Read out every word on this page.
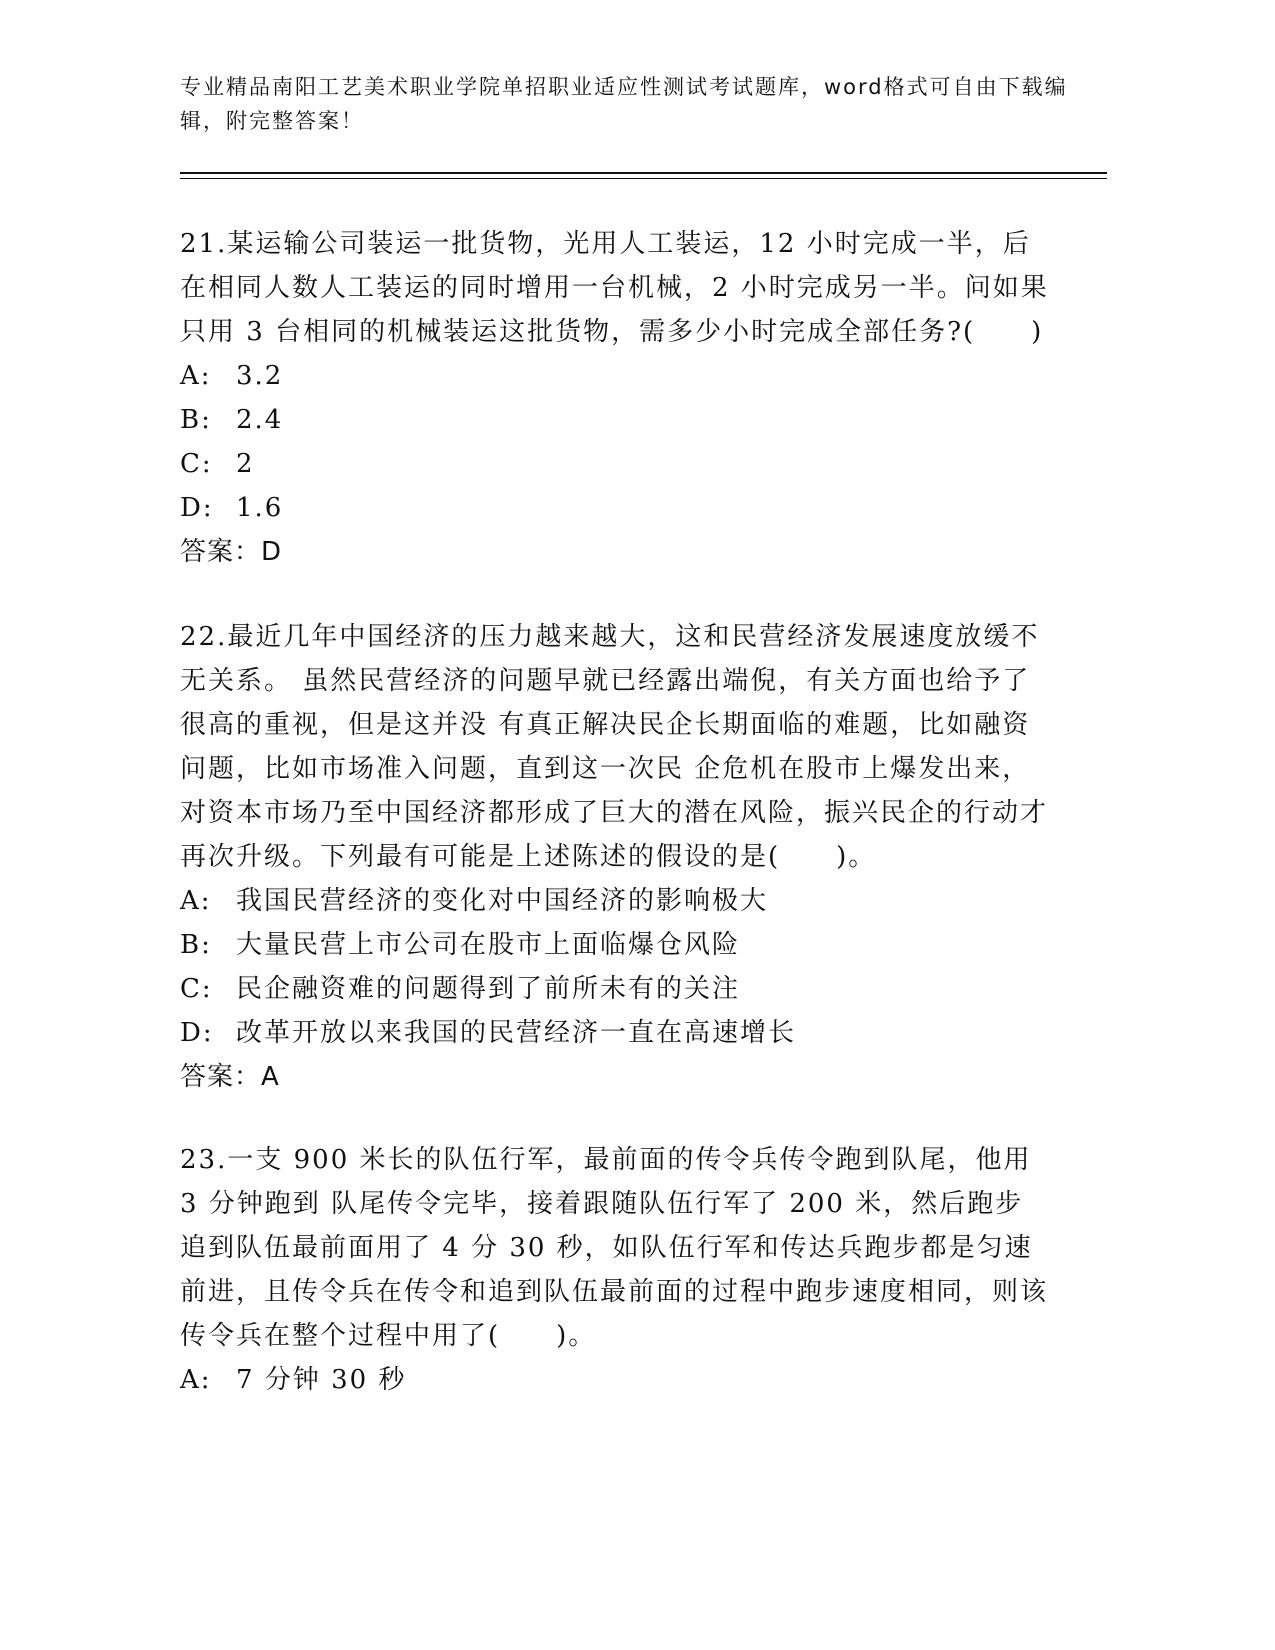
专业精品南阳工艺美术职业学院单招职业适应性测试考试题库，word格式可自由下载编辑，附完整答案！
21.某运输公司装运一批货物，光用人工装运，12 小时完成一半，后在相同人数人工装运的同时增用一台机械，2 小时完成另一半。问如果只用 3 台相同的机械装运这批货物，需多少小时完成全部任务?(　　)
A: 3.2
B: 2.4
C: 2
D: 1.6
答案：D
22.最近几年中国经济的压力越来越大，这和民营经济发展速度放缓不无关系。 虽然民营经济的问题早就已经露出端倪，有关方面也给予了很高的重视，但是这并没 有真正解决民企长期面临的难题，比如融资问题，比如市场准入问题，直到这一次民 企危机在股市上爆发出来，对资本市场乃至中国经济都形成了巨大的潜在风险，振兴民企的行动才再次升级。下列最有可能是上述陈述的假设的是(　　)。
A: 我国民营经济的变化对中国经济的影响极大
B: 大量民营上市公司在股市上面临爆仓风险
C: 民企融资难的问题得到了前所未有的关注
D: 改革开放以来我国的民营经济一直在高速增长
答案：A
23.一支 900 米长的队伍行军，最前面的传令兵传令跑到队尾，他用 3 分钟跑到 队尾传令完毕，接着跟随队伍行军了 200 米，然后跑步追到队伍最前面用了 4 分 30 秒，如队伍行军和传达兵跑步都是匀速前进，且传令兵在传令和追到队伍最前面的过程中跑步速度相同，则该传令兵在整个过程中用了(　　)。
A: 7 分钟 30 秒
